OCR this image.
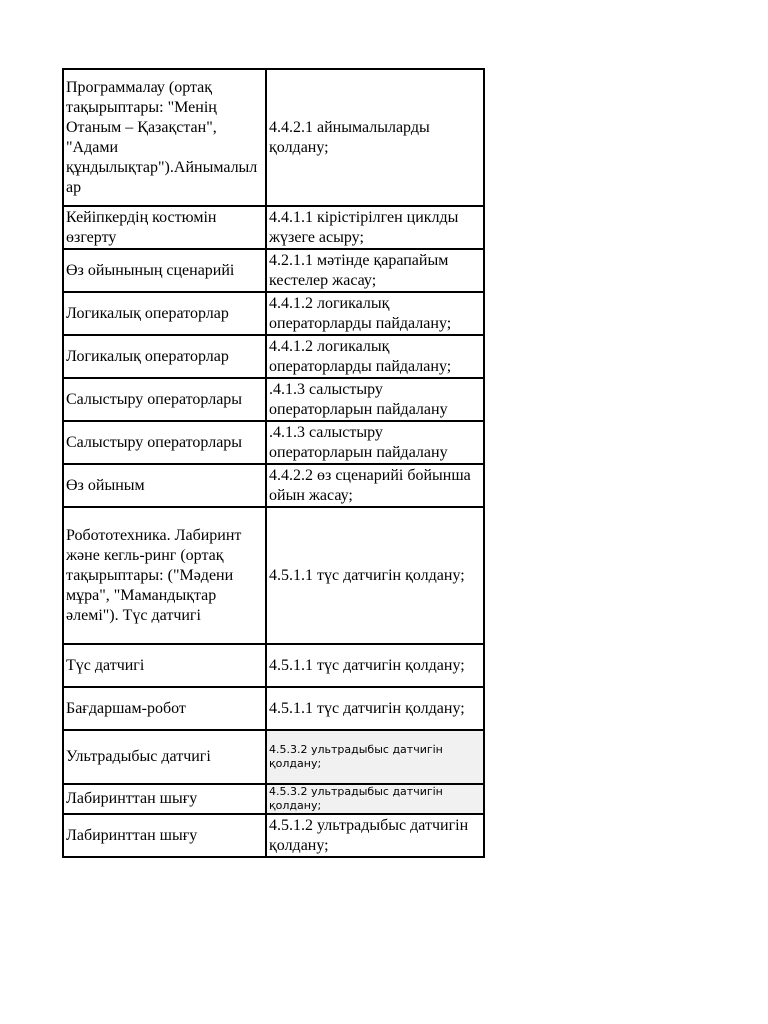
Программалау (ортақ тақырыптары: "Менің Отаным – Қазақстан", "Адами құндылықтар").Айнымалылар	4.4.2.1 айнымалыларды қолдану;
Кейіпкердің костюмін өзгерту	4.4.1.1 кірістірілген циклды жүзеге асыру;
Өз ойынының сценарийі	4.2.1.1 мәтінде қарапайым кестелер жасау;
Логикалық операторлар	4.4.1.2 логикалық операторларды пайдалану;
Логикалық операторлар	4.4.1.2 логикалық операторларды пайдалану;
Салыстыру операторлары	.4.1.3 салыстыру операторларын пайдалану
Салыстыру операторлары	.4.1.3 салыстыру операторларын пайдалану
Өз ойыным	4.4.2.2 өз сценарийі бойынша ойын жасау;
Робототехника. Лабиринт және кегль-ринг (ортақ тақырыптары: ("Мәдени мұра", "Мамандықтар әлемі"). Түс датчигі	4.5.1.1 түс датчигін қолдану;
Түс датчигі	4.5.1.1 түс датчигін қолдану;
Бағдаршам-робот	4.5.1.1 түс датчигін қолдану;
Ультрадыбыс датчигі	4.5.3.2 ультрадыбыс датчигін қолдану;
Лабиринттан шығу	4.5.3.2 ультрадыбыс датчигін қолдану;
Лабиринттан шығу	4.5.1.2 ультрадыбыс датчигін қолдану;
